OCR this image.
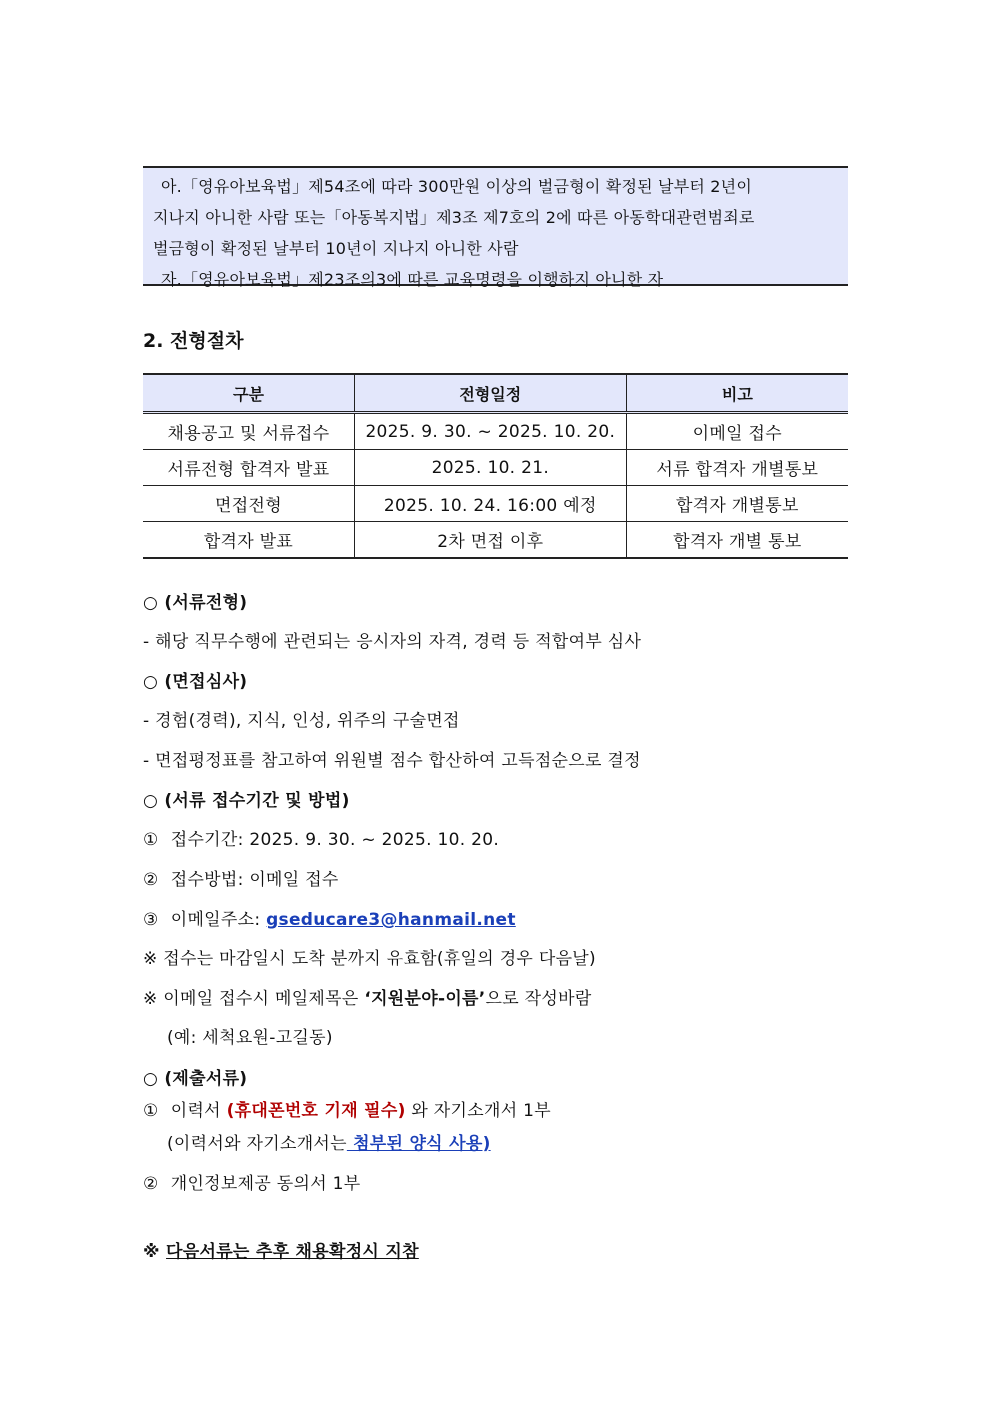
아.「영유아보육법」제54조에 따라 300만원 이상의 벌금형이 확정된 날부터 2년이
지나지 아니한 사람 또는「아동복지법」제3조 제7호의 2에 따른 아동학대관련범죄로
벌금형이 확정된 날부터 10년이 지나지 아니한 사람
자.「영유아보육법」제23조의3에 따른 교육명령을 이행하지 아니한 자
2. 전형절차
구분	전형일정	비고
채용공고 및 서류접수	2025. 9. 30. ~ 2025. 10. 20.	이메일 접수
서류전형 합격자 발표	2025. 10. 21.	서류 합격자 개별통보
면접전형	2025. 10. 24. 16:00 예정	합격자 개별통보
합격자 발표	2차 면접 이후	합격자 개별 통보
○ (서류전형)
- 해당 직무수행에 관련되는 응시자의 자격, 경력 등 적합여부 심사
○ (면접심사)
- 경험(경력), 지식, 인성, 위주의 구술면접
- 면접평정표를 참고하여 위원별 점수 합산하여 고득점순으로 결정
○ (서류 접수기간 및 방법)
① 접수기간: 2025. 9. 30. ~ 2025. 10. 20.
② 접수방법: 이메일 접수
③ 이메일주소: gseducare3@hanmail.net
※ 접수는 마감일시 도착 분까지 유효함(휴일의 경우 다음날)
※ 이메일 접수시 메일제목은 ‘지원분야-이름’으로 작성바람
(예: 세척요원-고길동)
○ (제출서류)
① 이력서 (휴대폰번호 기재 필수) 와 자기소개서 1부
(이력서와 자기소개서는 첨부된 양식 사용)
② 개인정보제공 동의서 1부
※ 다음서류는 추후 채용확정시 지참
